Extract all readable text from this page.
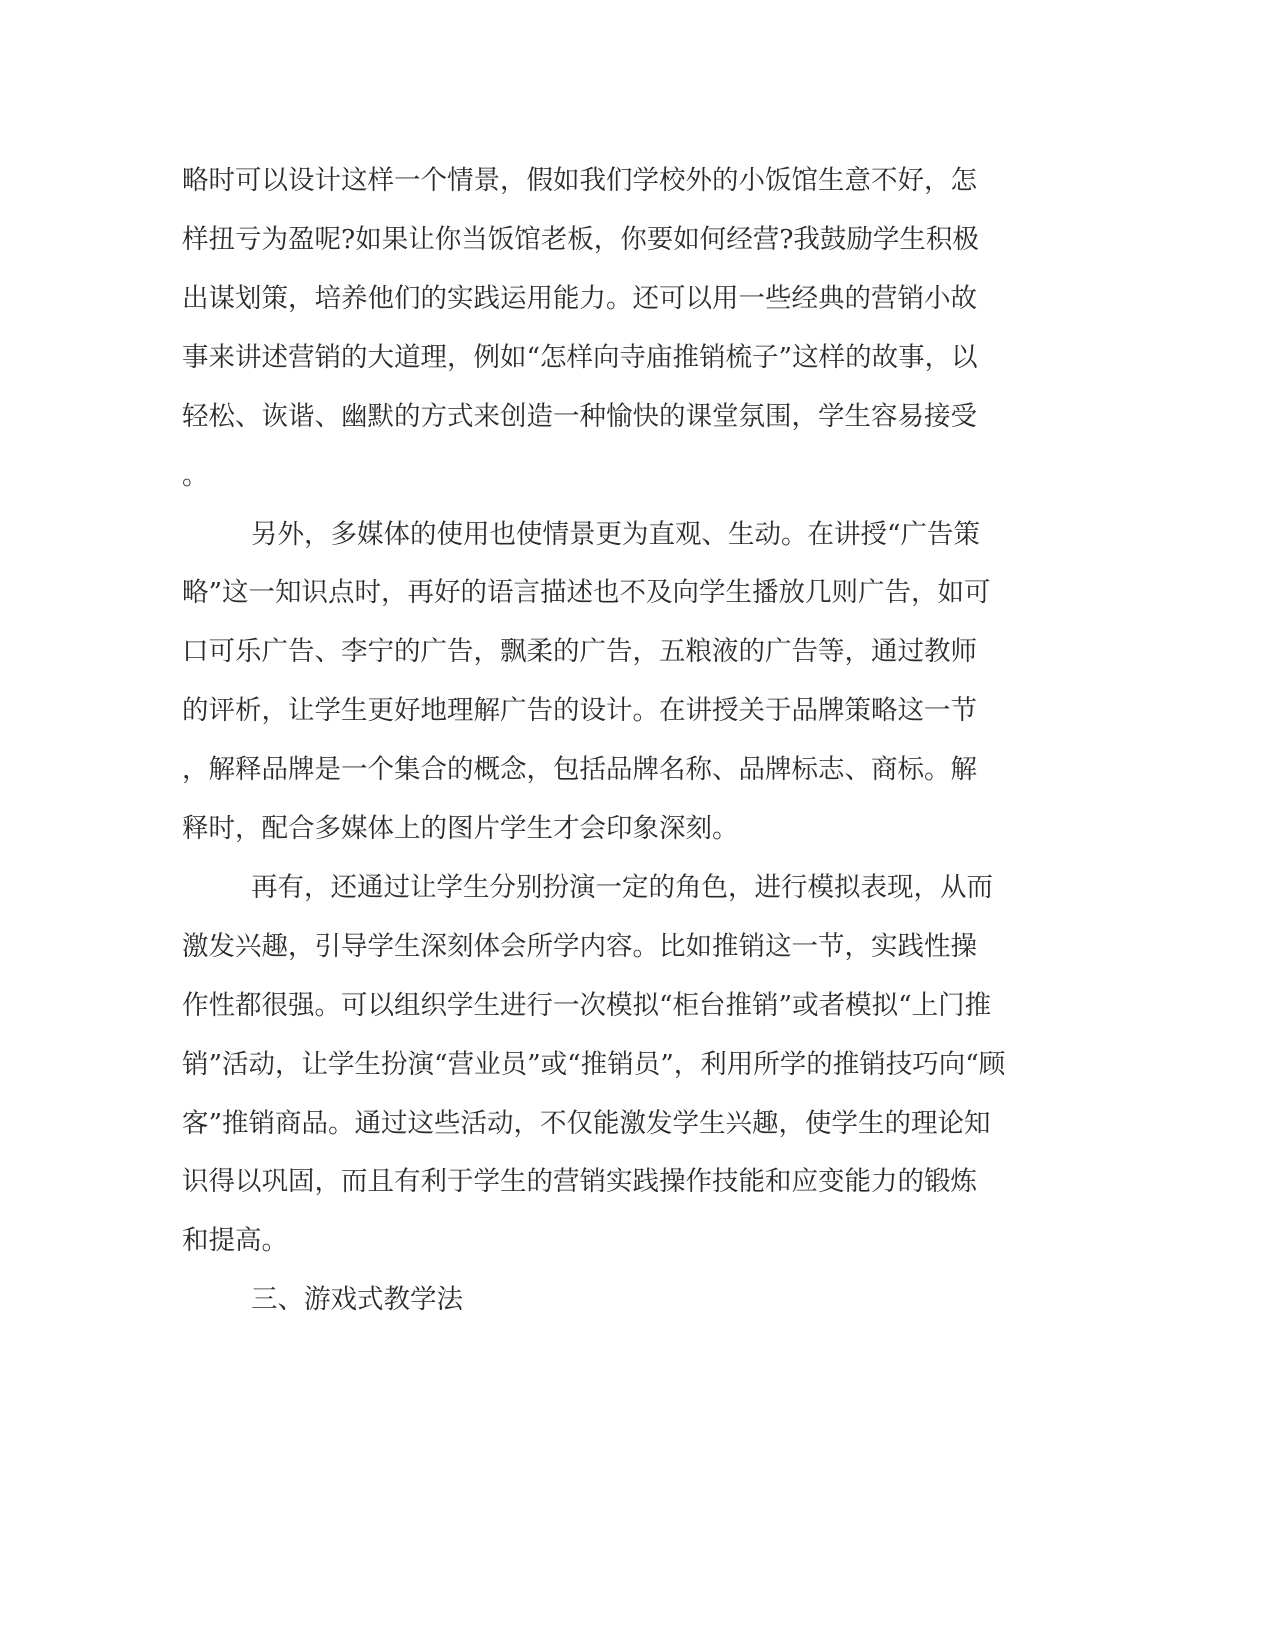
略时可以设计这样一个情景，假如我们学校外的小饭馆生意不好，怎
样扭亏为盈呢?如果让你当饭馆老板，你要如何经营?我鼓励学生积极
出谋划策，培养他们的实践运用能力。还可以用一些经典的营销小故
事来讲述营销的大道理，例如“怎样向寺庙推销梳子”这样的故事，以
轻松、诙谐、幽默的方式来创造一种愉快的课堂氛围，学生容易接受
。
另外，多媒体的使用也使情景更为直观、生动。在讲授“广告策
略”这一知识点时，再好的语言描述也不及向学生播放几则广告，如可
口可乐广告、李宁的广告，飘柔的广告，五粮液的广告等，通过教师
的评析，让学生更好地理解广告的设计。在讲授关于品牌策略这一节
，解释品牌是一个集合的概念，包括品牌名称、品牌标志、商标。解
释时，配合多媒体上的图片学生才会印象深刻。
再有，还通过让学生分别扮演一定的角色，进行模拟表现，从而
激发兴趣，引导学生深刻体会所学内容。比如推销这一节，实践性操
作性都很强。可以组织学生进行一次模拟“柜台推销”或者模拟“上门推
销”活动，让学生扮演“营业员”或“推销员”，利用所学的推销技巧向“顾
客”推销商品。通过这些活动，不仅能激发学生兴趣，使学生的理论知
识得以巩固，而且有利于学生的营销实践操作技能和应变能力的锻炼
和提高。
三、游戏式教学法
